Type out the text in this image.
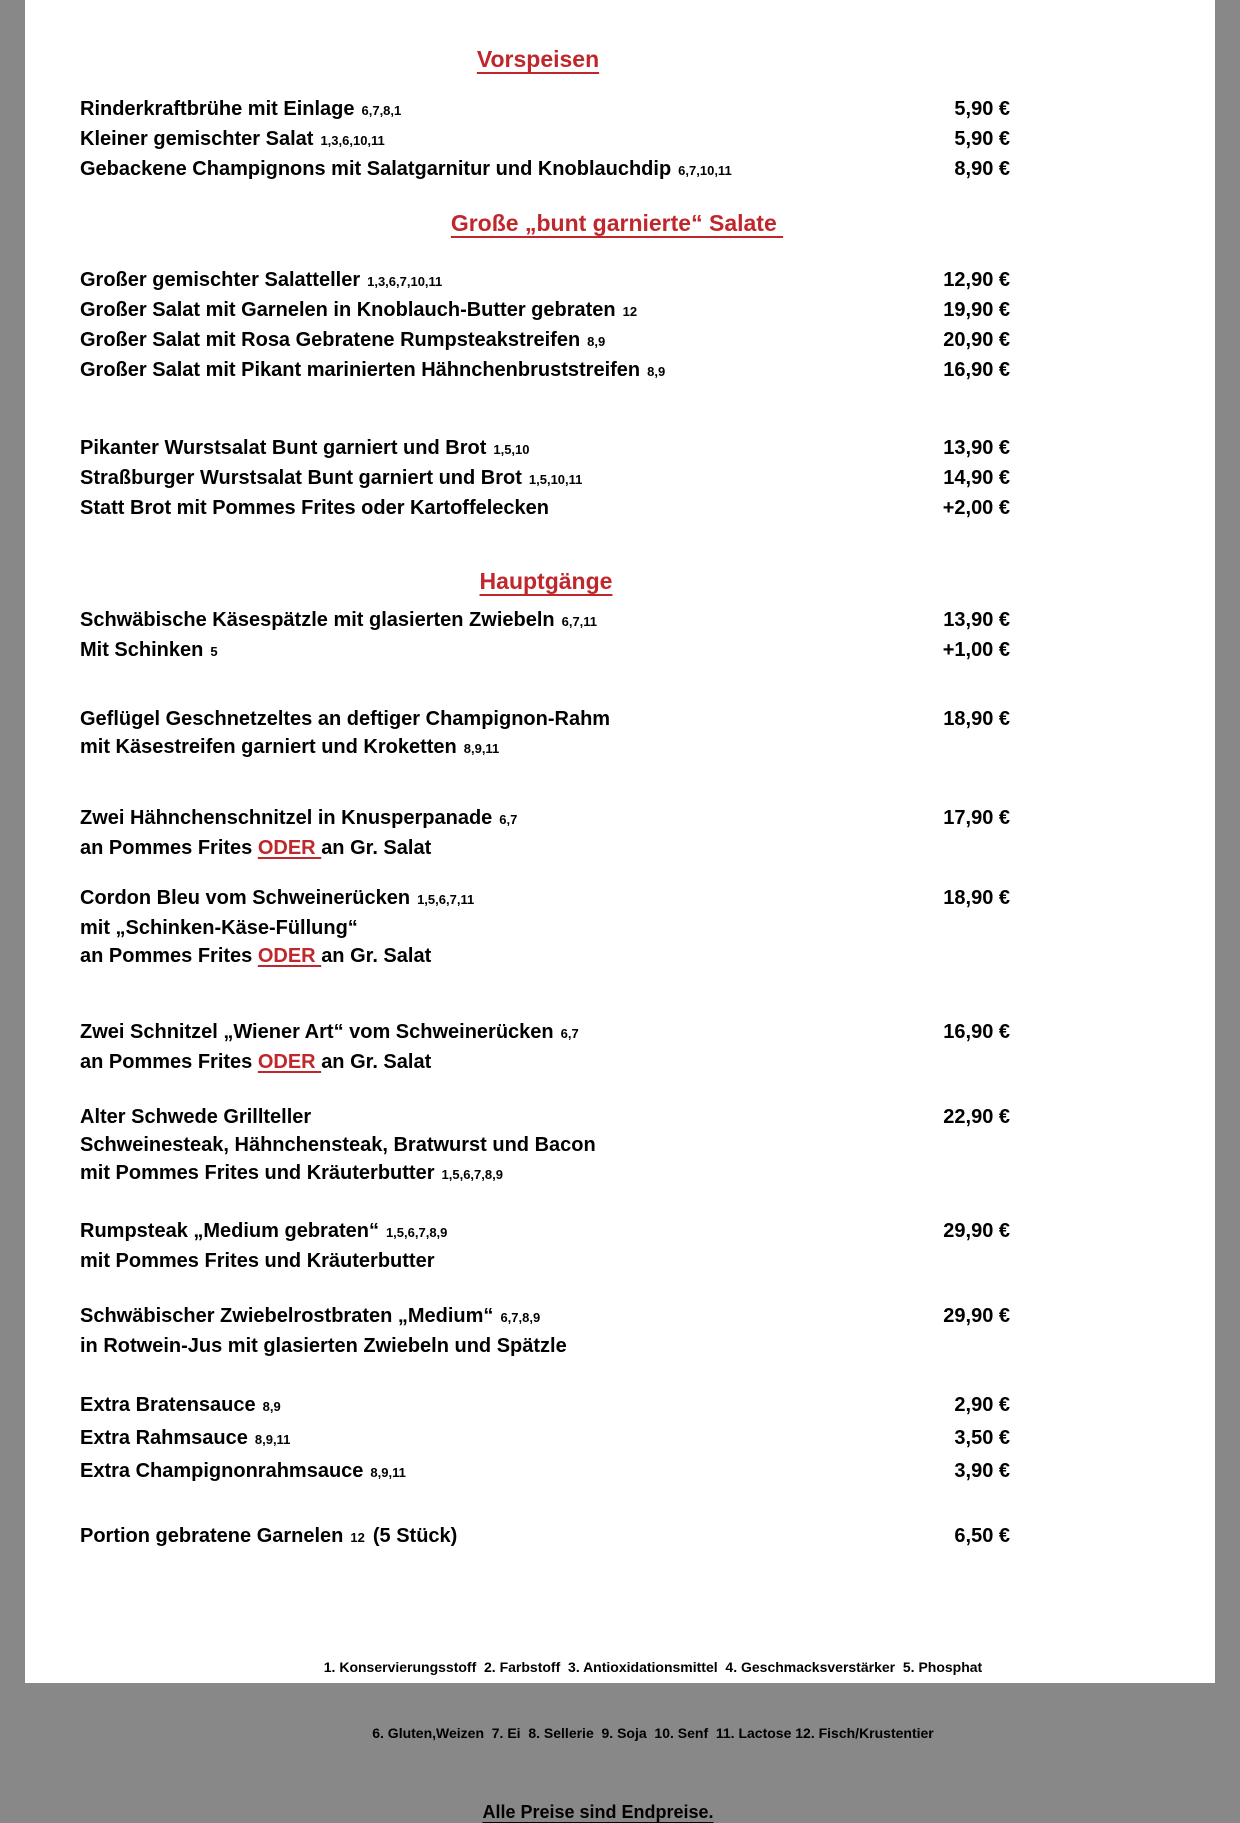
Vorspeisen
Rinderkraftbrühe mit Einlage 6,7,8,1	5,90 €
Kleiner gemischter Salat 1,3,6,10,11	5,90 €
Gebackene Champignons mit Salatgarnitur und Knoblauchdip 6,7,10,11	8,90 €
Große „bunt garnierte“ Salate
Großer gemischter Salatteller 1,3,6,7,10,11	12,90 €
Großer Salat mit Garnelen in Knoblauch-Butter gebraten 12	19,90 €
Großer Salat mit Rosa Gebratene Rumpsteakstreifen 8,9	20,90 €
Großer Salat mit Pikant marinierten Hähnchenbruststreifen 8,9	16,90 €
Pikanter Wurstsalat Bunt garniert und Brot 1,5,10	13,90 €
Straßburger Wurstsalat Bunt garniert und Brot 1,5,10,11	14,90 €
Statt Brot mit Pommes Frites oder Kartoffelecken	+2,00 €
Hauptgänge
Schwäbische Käsespätzle mit glasierten Zwiebeln 6,7,11	13,90 €
Mit Schinken 5	+1,00 €
Geflügel Geschnetzeltes an deftiger Champignon-Rahm	18,90 €
mit Käsestreifen garniert und Kroketten 8,9,11
Zwei Hähnchenschnitzel in Knusperpanade 6,7	17,90 €
an Pommes Frites ODER an Gr. Salat
Cordon Bleu vom Schweinerücken 1,5,6,7,11	18,90 €
mit „Schinken-Käse-Füllung“
an Pommes Frites ODER an Gr. Salat
Zwei Schnitzel „Wiener Art“ vom Schweinerücken 6,7	16,90 €
an Pommes Frites ODER an Gr. Salat
Alter Schwede Grillteller	22,90 €
Schweinesteak, Hähnchensteak, Bratwurst und Bacon
mit Pommes Frites und Kräuterbutter 1,5,6,7,8,9
Rumpsteak „Medium gebraten“ 1,5,6,7,8,9	29,90 €
mit Pommes Frites und Kräuterbutter
Schwäbischer Zwiebelrostbraten „Medium“ 6,7,8,9	29,90 €
in Rotwein-Jus mit glasierten Zwiebeln und Spätzle
Extra Bratensauce 8,9	2,90 €
Extra Rahmsauce 8,9,11	3,50 €
Extra Champignonrahmsauce 8,9,11	3,90 €
Portion gebratene Garnelen 12 (5 Stück)	6,50 €

1. Konservierungsstoff  2. Farbstoff  3. Antioxidationsmittel  4. Geschmacksverstärker  5. Phosphat

6. Gluten,Weizen  7. Ei  8. Sellerie  9. Soja  10. Senf  11. Lactose 12. Fisch/Krustentier

Alle Preise sind Endpreise.
